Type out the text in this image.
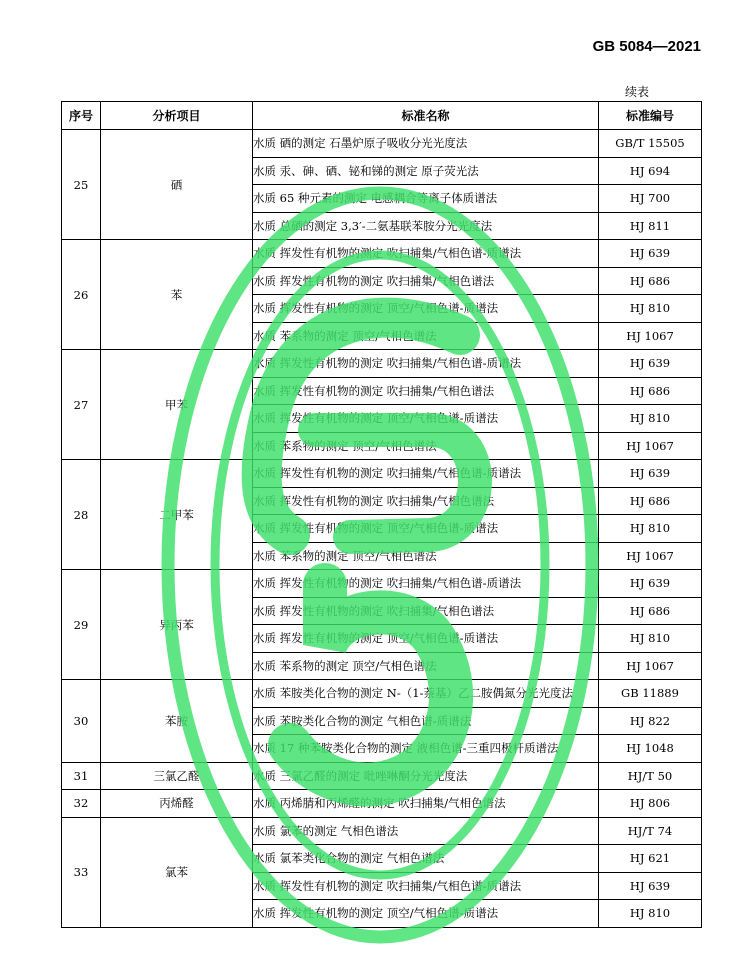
GB 5084—2021
续表
序号	分析项目	标准名称	标准编号
25	硒	水质 硒的测定 石墨炉原子吸收分光光度法	GB/T 15505
		水质 汞、砷、硒、铋和锑的测定 原子荧光法	HJ 694
		水质 65 种元素的测定 电感耦合等离子体质谱法	HJ 700
		水质 总硒的测定 3,3′-二氨基联苯胺分光光度法	HJ 811
26	苯	水质 挥发性有机物的测定 吹扫捕集/气相色谱-质谱法	HJ 639
		水质 挥发性有机物的测定 吹扫捕集/气相色谱法	HJ 686
		水质 挥发性有机物的测定 顶空/气相色谱-质谱法	HJ 810
		水质 苯系物的测定 顶空/气相色谱法	HJ 1067
27	甲苯	水质 挥发性有机物的测定 吹扫捕集/气相色谱-质谱法	HJ 639
		水质 挥发性有机物的测定 吹扫捕集/气相色谱法	HJ 686
		水质 挥发性有机物的测定 顶空/气相色谱-质谱法	HJ 810
		水质 苯系物的测定 顶空/气相色谱法	HJ 1067
28	二甲苯	水质 挥发性有机物的测定 吹扫捕集/气相色谱-质谱法	HJ 639
		水质 挥发性有机物的测定 吹扫捕集/气相色谱法	HJ 686
		水质 挥发性有机物的测定 顶空/气相色谱-质谱法	HJ 810
		水质 苯系物的测定 顶空/气相色谱法	HJ 1067
29	异丙苯	水质 挥发性有机物的测定 吹扫捕集/气相色谱-质谱法	HJ 639
		水质 挥发性有机物的测定 吹扫捕集/气相色谱法	HJ 686
		水质 挥发性有机物的测定 顶空/气相色谱-质谱法	HJ 810
		水质 苯系物的测定 顶空/气相色谱法	HJ 1067
30	苯胺	水质 苯胺类化合物的测定 N-（1-萘基）乙二胺偶氮分光光度法	GB 11889
		水质 苯胺类化合物的测定 气相色谱-质谱法	HJ 822
		水质 17 种苯胺类化合物的测定 液相色谱-三重四极杆质谱法	HJ 1048
31	三氯乙醛	水质 三氯乙醛的测定 吡唑啉酮分光光度法	HJ/T 50
32	丙烯醛	水质 丙烯腈和丙烯醛的测定 吹扫捕集/气相色谱法	HJ 806
33	氯苯	水质 氯苯的测定 气相色谱法	HJ/T 74
		水质 氯苯类化合物的测定 气相色谱法	HJ 621
		水质 挥发性有机物的测定 吹扫捕集/气相色谱-质谱法	HJ 639
		水质 挥发性有机物的测定 顶空/气相色谱-质谱法	HJ 810
